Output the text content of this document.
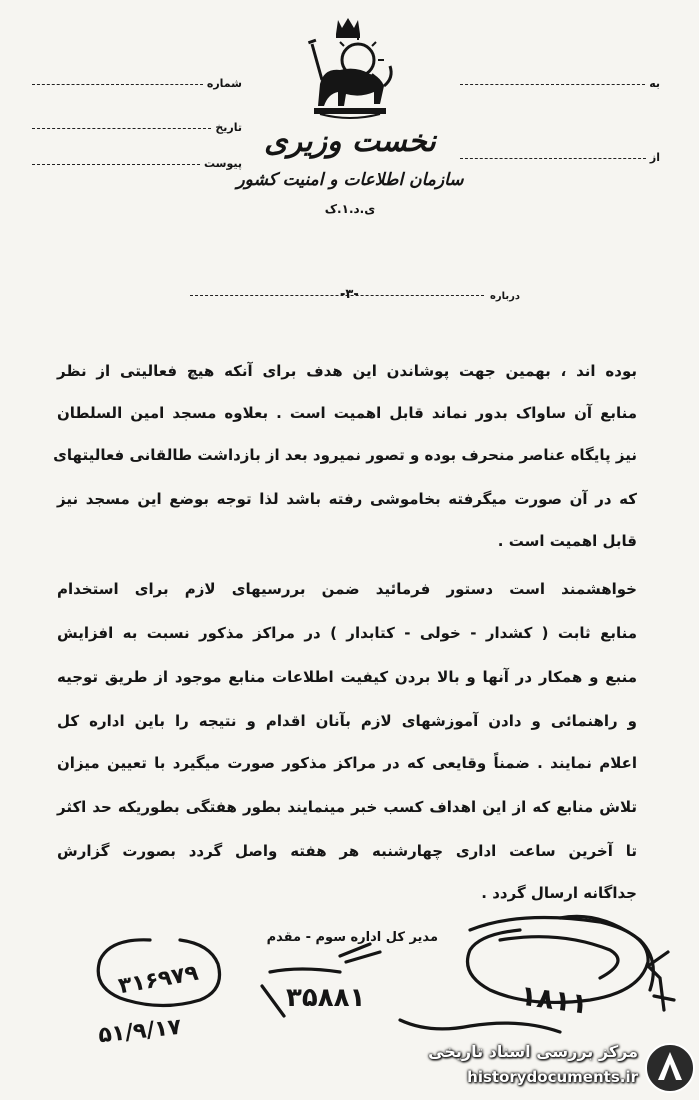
نخست وزیری
سازمان اطلاعات و امنیت کشور
ی.د.۱.ک
شماره
تاریخ
پیوست
به
از
درباره
-۳-
بوده اند ، بهمین جهت پوشاندن این هدف برای آنکه هیچ فعالیتی از نظر
منابع آن ساواک بدور نماند قابل اهمیت است . بعلاوه مسجد امین السلطان
نیز پایگاه عناصر منحرف بوده و تصور نمیرود بعد از بازداشت طالقانی فعالیتهای
که در آن صورت میگرفته بخاموشی رفته باشد لذا توجه بوضع این مسجد نیز
قابل اهمیت است .
خواهشمند است دستور فرمائید ضمن بررسیهای لازم برای استخدام
منابع ثابت ( کشدار - خولی - کتابدار ) در مراکز مذکور نسبت به افزایش
منبع و همکار در آنها و بالا بردن کیفیت اطلاعات منابع موجود از طریق توجیه
و راهنمائی و دادن آموزشهای لازم بآنان اقدام و نتیجه را باین اداره کل
اعلام نمایند . ضمناً وقایعی که در مراکز مذکور صورت میگیرد با تعیین میزان
تلاش منابع که از این اهداف کسب خبر مینمایند بطور هفتگی بطوریکه حد اکثر
تا آخرین ساعت اداری چهارشنبه هر هفته واصل گردد بصورت گزارش
جداگانه ارسال گردد .
مدیر کل اداره سوم - مقدم
۳۱۶۹۷۹
۵۱/۹/۱۷
۳۵۸۸۱	۱۸۱۱
مرکز بررسی اسناد تاریخی
historydocuments.ir
